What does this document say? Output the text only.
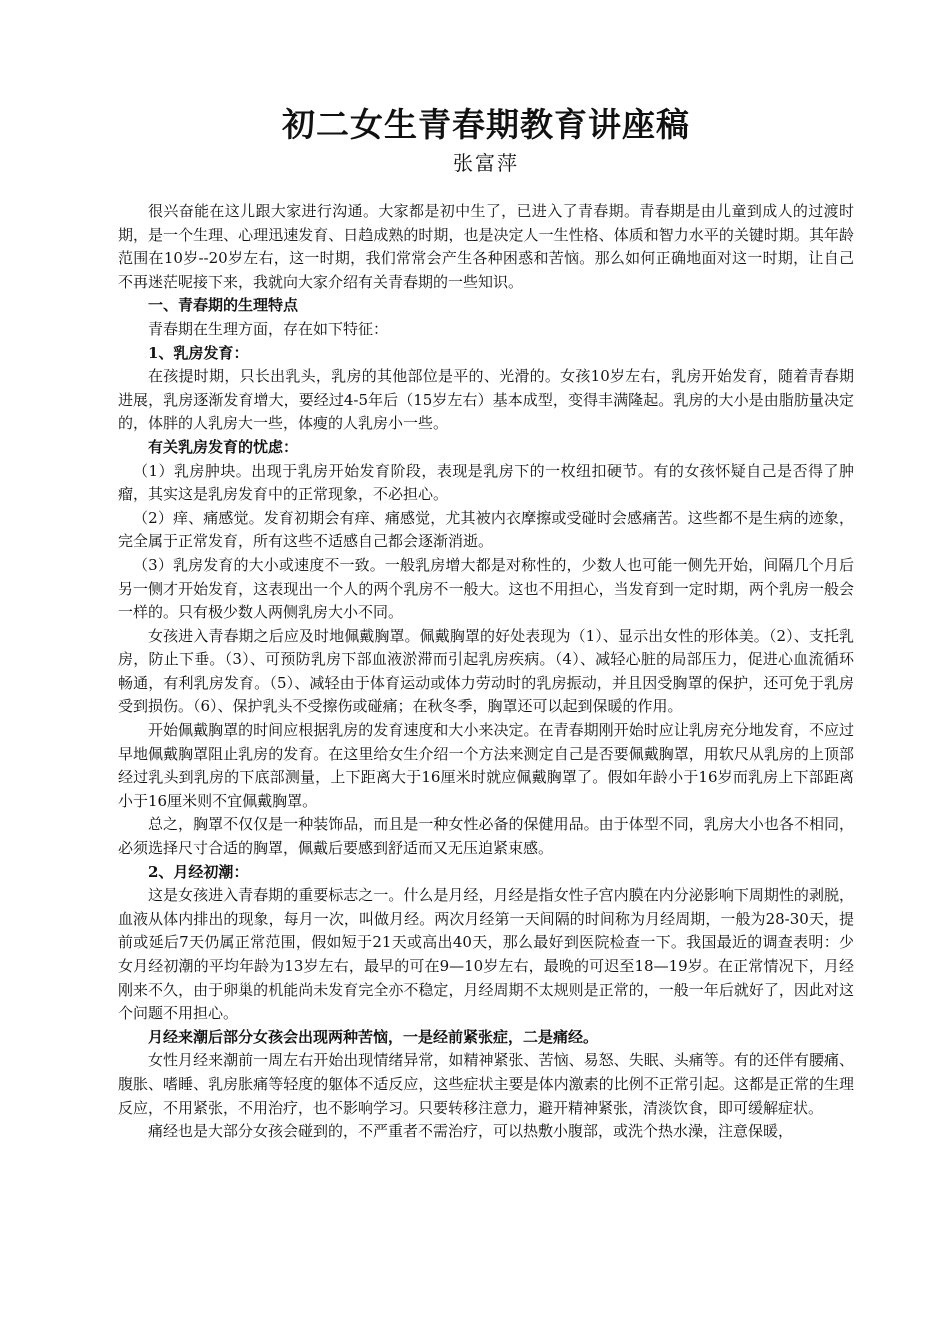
初二女生青春期教育讲座稿
张富萍

很兴奋能在这儿跟大家进行沟通。大家都是初中生了，已进入了青春期。青春期是由儿童到成人的过渡时期，是一个生理、心理迅速发育、日趋成熟的时期，也是决定人一生性格、体质和智力水平的关键时期。其年龄范围在10岁--20岁左右，这一时期，我们常常会产生各种困惑和苦恼。那么如何正确地面对这一时期，让自己不再迷茫呢接下来，我就向大家介绍有关青春期的一些知识。

一、青春期的生理特点

青春期在生理方面，存在如下特征：

1、乳房发育：

在孩提时期，只长出乳头，乳房的其他部位是平的、光滑的。女孩10岁左右，乳房开始发育，随着青春期进展，乳房逐渐发育增大，要经过4-5年后（15岁左右）基本成型，变得丰满隆起。乳房的大小是由脂肪量决定的，体胖的人乳房大一些，体瘦的人乳房小一些。

有关乳房发育的忧虑：

（1）乳房肿块。出现于乳房开始发育阶段，表现是乳房下的一枚纽扣硬节。有的女孩怀疑自己是否得了肿瘤，其实这是乳房发育中的正常现象，不必担心。

（2）痒、痛感觉。发育初期会有痒、痛感觉，尤其被内衣摩擦或受碰时会感痛苦。这些都不是生病的迹象，完全属于正常发育，所有这些不适感自己都会逐渐消逝。

（3）乳房发育的大小或速度不一致。一般乳房增大都是对称性的，少数人也可能一侧先开始，间隔几个月后另一侧才开始发育，这表现出一个人的两个乳房不一般大。这也不用担心，当发育到一定时期，两个乳房一般会一样的。只有极少数人两侧乳房大小不同。

女孩进入青春期之后应及时地佩戴胸罩。佩戴胸罩的好处表现为（1）、显示出女性的形体美。（2）、支托乳房，防止下垂。（3）、可预防乳房下部血液淤滞而引起乳房疾病。（4）、减轻心脏的局部压力，促进心血流循环畅通，有利乳房发育。（5）、减轻由于体育运动或体力劳动时的乳房振动，并且因受胸罩的保护，还可免于乳房受到损伤。（6）、保护乳头不受擦伤或碰痛；在秋冬季，胸罩还可以起到保暖的作用。

开始佩戴胸罩的时间应根据乳房的发育速度和大小来决定。在青春期刚开始时应让乳房充分地发育，不应过早地佩戴胸罩阻止乳房的发育。在这里给女生介绍一个方法来测定自己是否要佩戴胸罩，用软尺从乳房的上顶部经过乳头到乳房的下底部测量，上下距离大于16厘米时就应佩戴胸罩了。假如年龄小于16岁而乳房上下部距离小于16厘米则不宜佩戴胸罩。

总之，胸罩不仅仅是一种装饰品，而且是一种女性必备的保健用品。由于体型不同，乳房大小也各不相同，必须选择尺寸合适的胸罩，佩戴后要感到舒适而又无压迫紧束感。

2、月经初潮：

这是女孩进入青春期的重要标志之一。什么是月经，月经是指女性子宫内膜在内分泌影响下周期性的剥脱，血液从体内排出的现象，每月一次，叫做月经。两次月经第一天间隔的时间称为月经周期，一般为28-30天，提前或延后7天仍属正常范围，假如短于21天或高出40天，那么最好到医院检查一下。我国最近的调查表明：少女月经初潮的平均年龄为13岁左右，最早的可在9—10岁左右，最晚的可迟至18—19岁。在正常情况下，月经刚来不久，由于卵巢的机能尚未发育完全亦不稳定，月经周期不太规则是正常的，一般一年后就好了，因此对这个问题不用担心。

月经来潮后部分女孩会出现两种苦恼，一是经前紧张症，二是痛经。

女性月经来潮前一周左右开始出现情绪异常，如精神紧张、苦恼、易怒、失眠、头痛等。有的还伴有腰痛、腹胀、嗜睡、乳房胀痛等轻度的躯体不适反应，这些症状主要是体内激素的比例不正常引起。这都是正常的生理反应，不用紧张，不用治疗，也不影响学习。只要转移注意力，避开精神紧张，清淡饮食，即可缓解症状。

痛经也是大部分女孩会碰到的，不严重者不需治疗，可以热敷小腹部，或洗个热水澡，注意保暖，
